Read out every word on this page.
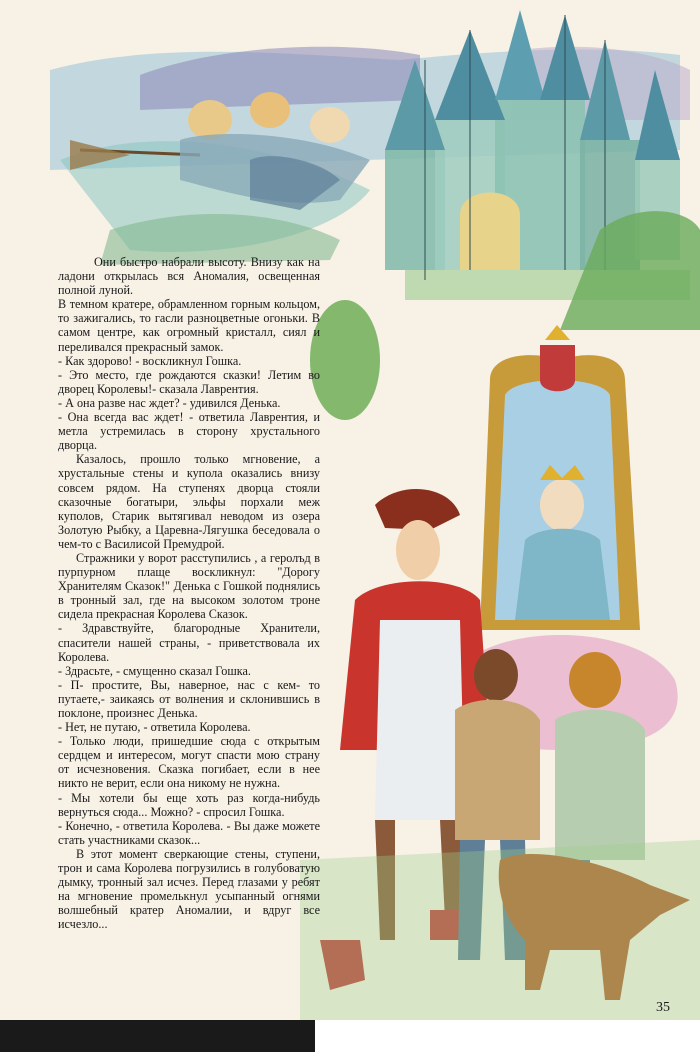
Они быстро набрали высоту. Внизу как на ладони открылась вся Аномалия, освещенная полной луной.

В темном кратере, обрамленном горным кольцом, то зажигались, то гасли разноцветные огоньки. В самом центре, как огромный кристалл, сиял и переливался прекрасный замок.

- Как здорово! - воскликнул Гошка.

- Это место, где рождаются сказки! Летим во дворец Королевы!- сказала Лаврентия.

- А она разве нас ждет? - удивился Денька.

- Она всегда вас ждет! - ответила Лаврентия, и метла устремилась в сторону хрустального дворца.

Казалось, прошло только мгновение, а хрустальные стены и купола оказались внизу совсем рядом. На ступенях дворца стояли сказочные богатыри, эльфы порхали меж куполов, Старик вытягивал неводом из озера Золотую Рыбку, а Царевна-Лягушка беседовала о чем-то с Василисой Премудрой.

Стражники у ворот расступились , а геролъд в пурпурном плаще воскликнул: "Дорогу Хранителям Сказок!" Денька с Гошкой поднялись в тронный зал, где на высоком золотом троне сидела прекрасная Королева Сказок.

- Здравствуйте, благородные Хранители, спасители нашей страны, - приветствовала их Королева.

- Здрасьте, - смущенно сказал Гошка.

- П- простите, Вы, наверное, нас с кем- то путаете,- заикаясь от волнения и склонившись в поклоне, произнес Денька.

- Нет, не путаю, - ответила Королева.

- Только люди, пришедшие сюда с открытым сердцем и интересом, могут спасти мою страну от исчезновения. Сказка погибает, если в нее никто не верит, если она никому не нужна.

- Мы хотели бы еще хоть раз когда-нибудь вернуться сюда... Можно? - спросил Гошка.

- Конечно, - ответила Королева. - Вы даже можете стать участниками сказок...

В этот момент сверкающие стены, ступени, трон и сама Королева погрузились в голубоватую дымку, тронный зал исчез. Перед глазами у ребят на мгновение промелькнул усыпанный огнями волшебный кратер Аномалии, и вдруг все исчезло...

35
